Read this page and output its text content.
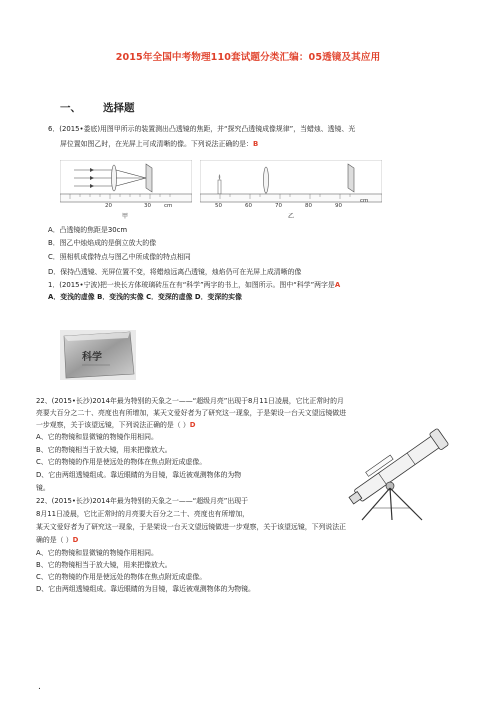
2015年全国中考物理110套试题分类汇编：05透镜及其应用
一、 选择题
6．(2015•娄底)用图甲所示的装置测出凸透镜的焦距，并“探究凸透镜成像规律”，当蜡烛、透镜、光
屏位置如图乙时，在光屏上可成清晰的像。下列说法正确的是：B
20	30 cm
甲
50	60	70	80	90
cm
乙
A．凸透镜的焦距是30cm
B．图乙中烛焰成的是倒立放大的像
C．照相机成像特点与图乙中所成像的特点相同
D．保持凸透镜、光屏位置不变，将蜡烛远离凸透镜，烛焰仍可在光屏上成清晰的像
1．(2015•宁波)把一块长方体玻璃砖压在有“科学”两字的书上，如图所示。图中“科学”两字是A
A．变浅的虚像 B．变浅的实像 C．变深的虚像 D．变深的实像
科学
22、(2015•长沙)2014年最为特别的天象之一——“超级月亮”出现于8月11日凌晨，它比正常时的月
亮要大百分之二十、亮度也有所增加，某天文爱好者为了研究这一现象，于是架设一台天文望远镜做进
一步观察，关于该望远镜，下列说法正确的是（ ）D
A、它的物镜和显微镜的物镜作用相同。
B、它的物镜相当于放大镜，用来把像放大。
C、它的物镜的作用是使远处的物体在焦点附近成虚像。
D、它由两组透镜组成。靠近眼睛的为目镜，靠近被观测物体的为物
镜。
22、(2015•长沙)2014年最为特别的天象之一——“超级月亮”出现于
8月11日凌晨，它比正常时的月亮要大百分之二十、亮度也有所增加，
某天文爱好者为了研究这一现象，于是架设一台天文望远镜做进一步观察，关于该望远镜，下列说法正
确的是（ ）D
A、它的物镜和显微镜的物镜作用相同。
B、它的物镜相当于放大镜，用来把像放大。
C、它的物镜的作用是使远处的物体在焦点附近成虚像。
D、它由两组透镜组成。靠近眼睛的为目镜，靠近被观测物体的为物镜。
.
